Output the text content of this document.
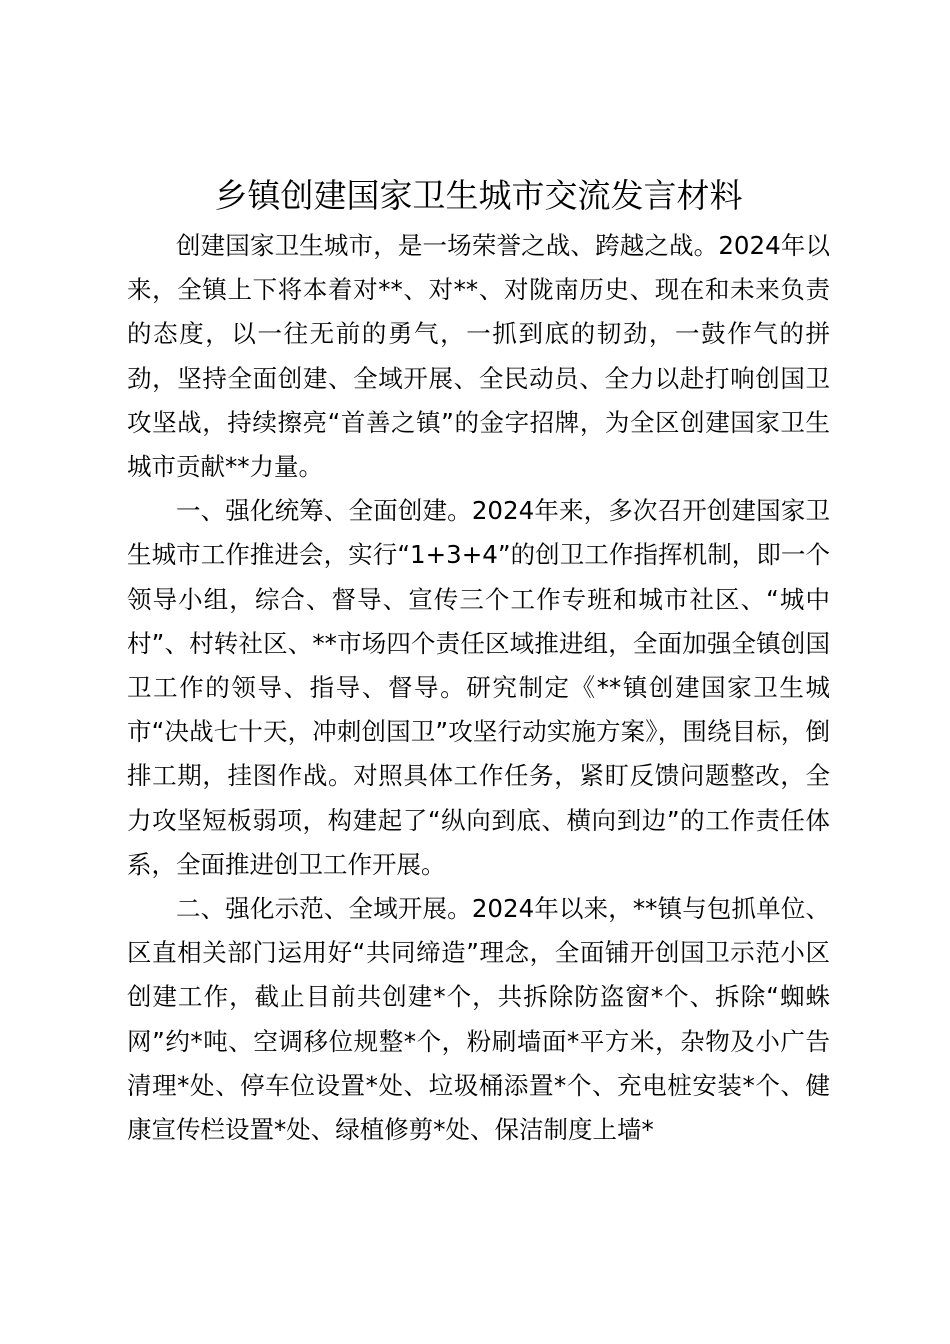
乡镇创建国家卫生城市交流发言材料

创建国家卫生城市，是一场荣誉之战、跨越之战。2024年以来，全镇上下将本着对**、对**、对陇南历史、现在和未来负责的态度，以一往无前的勇气，一抓到底的韧劲，一鼓作气的拼劲，坚持全面创建、全域开展、全民动员、全力以赴打响创国卫攻坚战，持续擦亮“首善之镇”的金字招牌，为全区创建国家卫生城市贡献**力量。

一、强化统筹、全面创建。2024年来，多次召开创建国家卫生城市工作推进会，实行“1+3+4”的创卫工作指挥机制，即一个领导小组，综合、督导、宣传三个工作专班和城市社区、“城中村”、村转社区、**市场四个责任区域推进组，全面加强全镇创国卫工作的领导、指导、督导。研究制定《**镇创建国家卫生城市“决战七十天，冲刺创国卫”攻坚行动实施方案》，围绕目标，倒排工期，挂图作战。对照具体工作任务，紧盯反馈问题整改，全力攻坚短板弱项，构建起了“纵向到底、横向到边”的工作责任体系，全面推进创卫工作开展。

二、强化示范、全域开展。2024年以来，**镇与包抓单位、区直相关部门运用好“共同缔造”理念，全面铺开创国卫示范小区创建工作，截止目前共创建*个，共拆除防盗窗*个、拆除“蜘蛛网”约*吨、空调移位规整*个，粉刷墙面*平方米，杂物及小广告清理*处、停车位设置*处、垃圾桶添置*个、充电桩安装*个、健康宣传栏设置*处、绿植修剪*处、保洁制度上墙*
